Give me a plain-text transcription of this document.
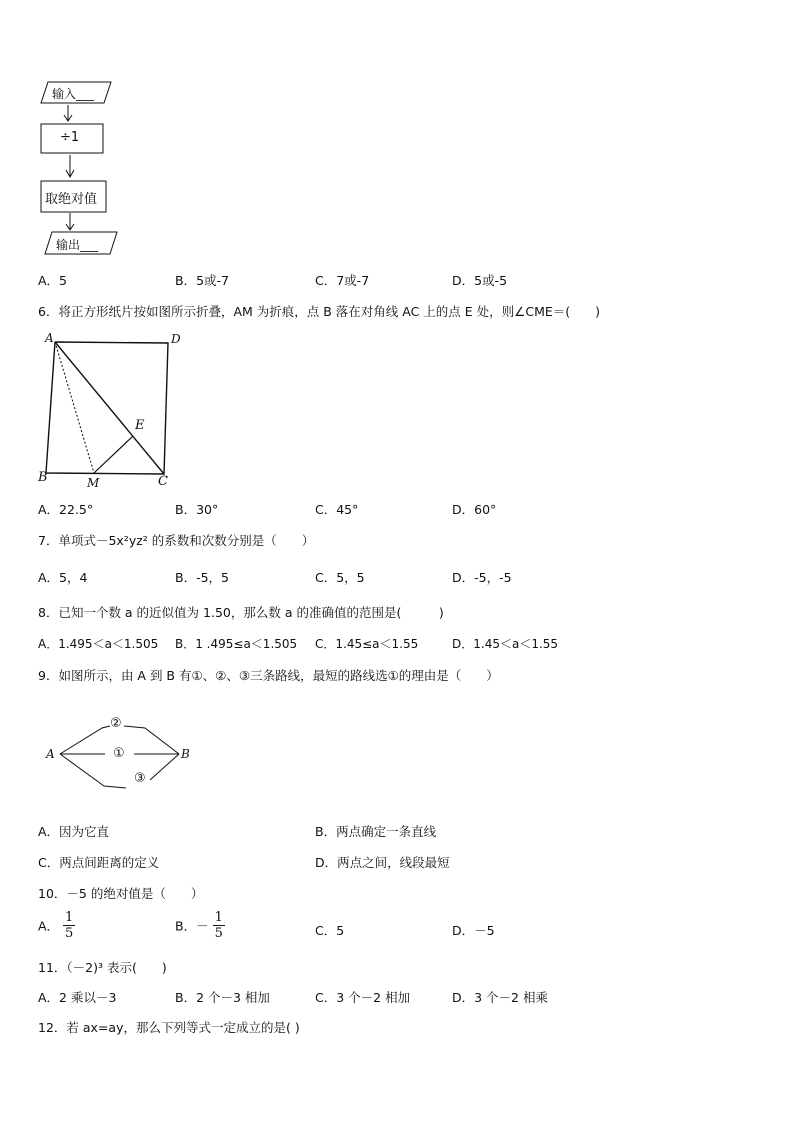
输入___
÷1
取绝对值
输出___
A．5	B．5或-7	C．7或-7	D．5或-5
6．将正方形纸片按如图所示折叠，AM 为折痕，点 B 落在对角线 AC 上的点 E 处，则∠CME＝(　　)
A	D
E
B	M	C
A．22.5°	B．30°	C．45°	D．60°
7．单项式－5x²yz² 的系数和次数分别是（　　）
A．5，4	B．-5，5	C．5，5	D．-5，-5
8．已知一个数 a 的近似值为 1.50，那么数 a 的准确值的范围是(　　　)
A．1.495＜a＜1.505 B．1 .495≤a＜1.505 C．1.45≤a＜1.55	D．1.45＜a＜1.55
9．如图所示，由 A 到 B 有①、②、③三条路线，最短的路线选①的理由是（　　）
A	B
②
①
③
A．因为它直	B．两点确定一条直线
C．两点间距离的定义	D．两点之间，线段最短
10．－5 的绝对值是（　　）
A． $\frac{1}{5}$	B．－ $\frac{1}{5}$	C．5	D．－5
11．（－2)³ 表示(　　)
A．2 乘以－3	B．2 个－3 相加	C．3 个－2 相加	D．3 个－2 相乘
12．若 ax=ay，那么下列等式一定成立的是( )
